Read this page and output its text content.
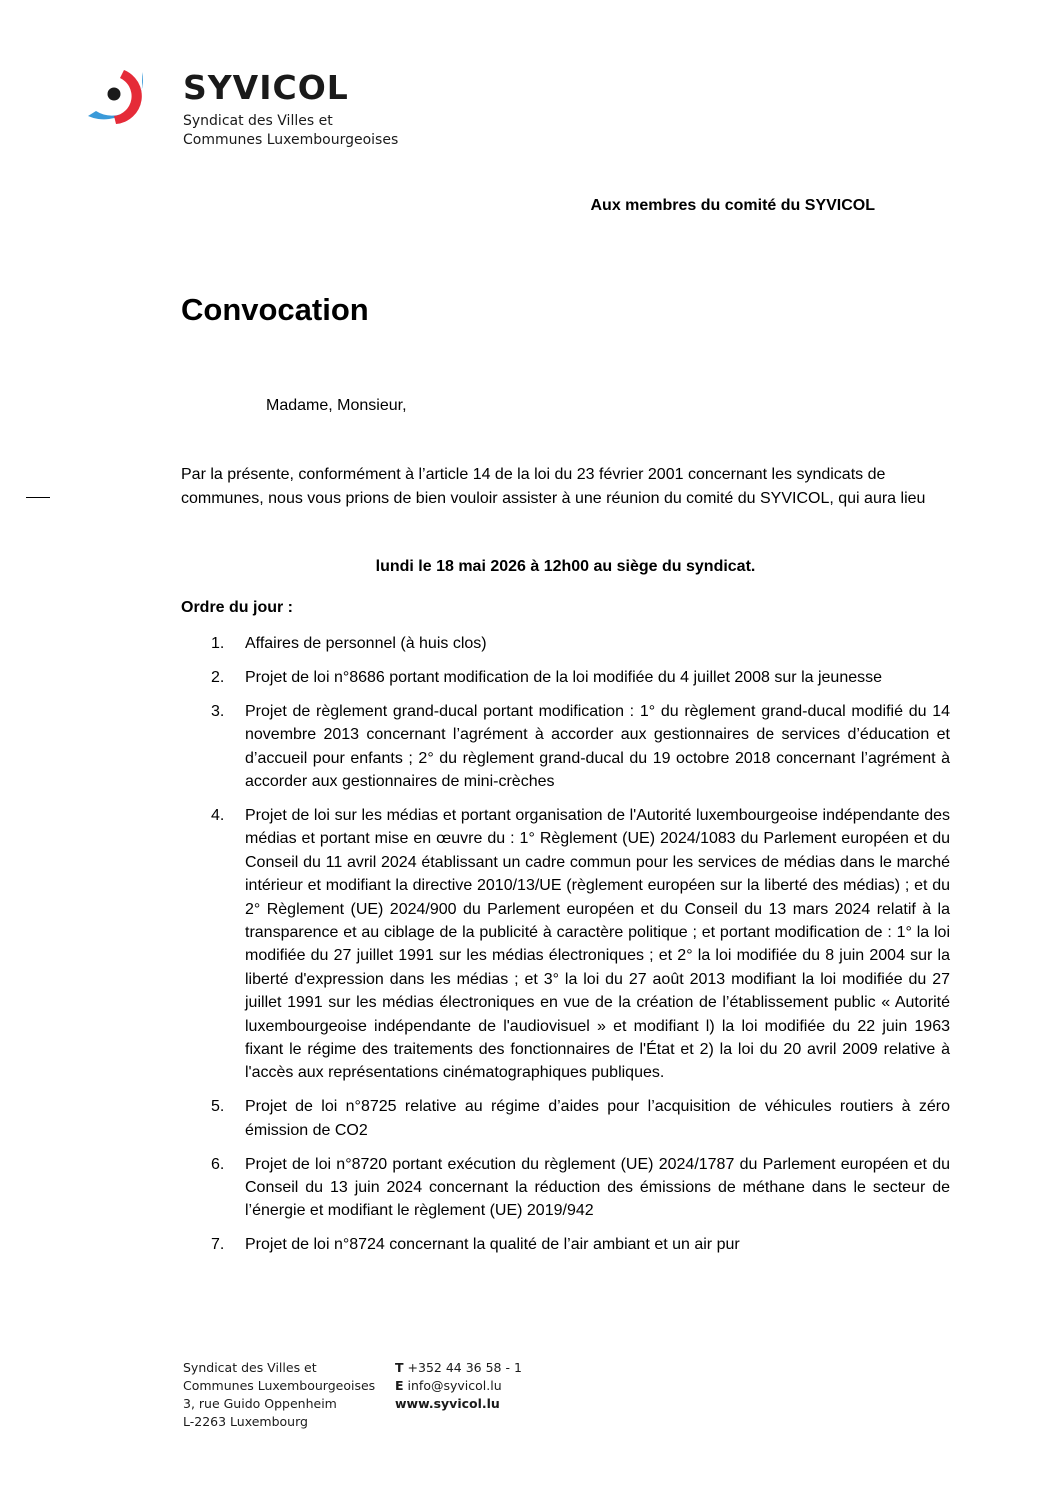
SYVICOL
Syndicat des Villes et
Communes Luxembourgeoises
Aux membres du comité du SYVICOL
Convocation
Madame, Monsieur,
Par la présente, conformément à l’article 14 de la loi du 23 février 2001 concernant les syndicats de communes, nous vous prions de bien vouloir assister à une réunion du comité du SYVICOL, qui aura lieu
lundi le 18 mai 2026 à 12h00 au siège du syndicat.
Ordre du jour :
1.	Affaires de personnel (à huis clos)
2.	Projet de loi n°8686 portant modification de la loi modifiée du 4 juillet 2008 sur la jeunesse
3.	Projet de règlement grand-ducal portant modification : 1° du règlement grand-ducal modifié du 14 novembre 2013 concernant l’agrément à accorder aux gestionnaires de services d’éducation et d’accueil pour enfants ; 2° du règlement grand-ducal du 19 octobre 2018 concernant l’agrément à accorder aux gestionnaires de mini-crèches
4.	Projet de loi sur les médias et portant organisation de l'Autorité luxembourgeoise indépendante des médias et portant mise en œuvre du : 1° Règlement (UE) 2024/1083 du Parlement européen et du Conseil du 11 avril 2024 établissant un cadre commun pour les services de médias dans le marché intérieur et modifiant la directive 2010/13/UE (règlement européen sur la liberté des médias) ; et du 2° Règlement (UE) 2024/900 du Parlement européen et du Conseil du 13 mars 2024 relatif à la transparence et au ciblage de la publicité à caractère politique ; et portant modification de : 1° la loi modifiée du 27 juillet 1991 sur les médias électroniques ; et 2° la loi modifiée du 8 juin 2004 sur la liberté d'expression dans les médias ; et 3° la loi du 27 août 2013 modifiant la loi modifiée du 27 juillet 1991 sur les médias électroniques en vue de la création de l’établissement public « Autorité luxembourgeoise indépendante de l'audiovisuel » et modifiant l) la loi modifiée du 22 juin 1963 fixant le régime des traitements des fonctionnaires de l'État et 2) la loi du 20 avril 2009 relative à l'accès aux représentations cinématographiques publiques.
5.	Projet de loi n°8725 relative au régime d’aides pour l’acquisition de véhicules routiers à zéro émission de CO2
6.	Projet de loi n°8720 portant exécution du règlement (UE) 2024/1787 du Parlement européen et du Conseil du 13 juin 2024 concernant la réduction des émissions de méthane dans le secteur de l’énergie et modifiant le règlement (UE) 2019/942
7.	Projet de loi n°8724 concernant la qualité de l’air ambiant et un air pur
Syndicat des Villes et
Communes Luxembourgeoises
3, rue Guido Oppenheim
L-2263 Luxembourg
T +352 44 36 58 - 1
E info@syvicol.lu
www.syvicol.lu
